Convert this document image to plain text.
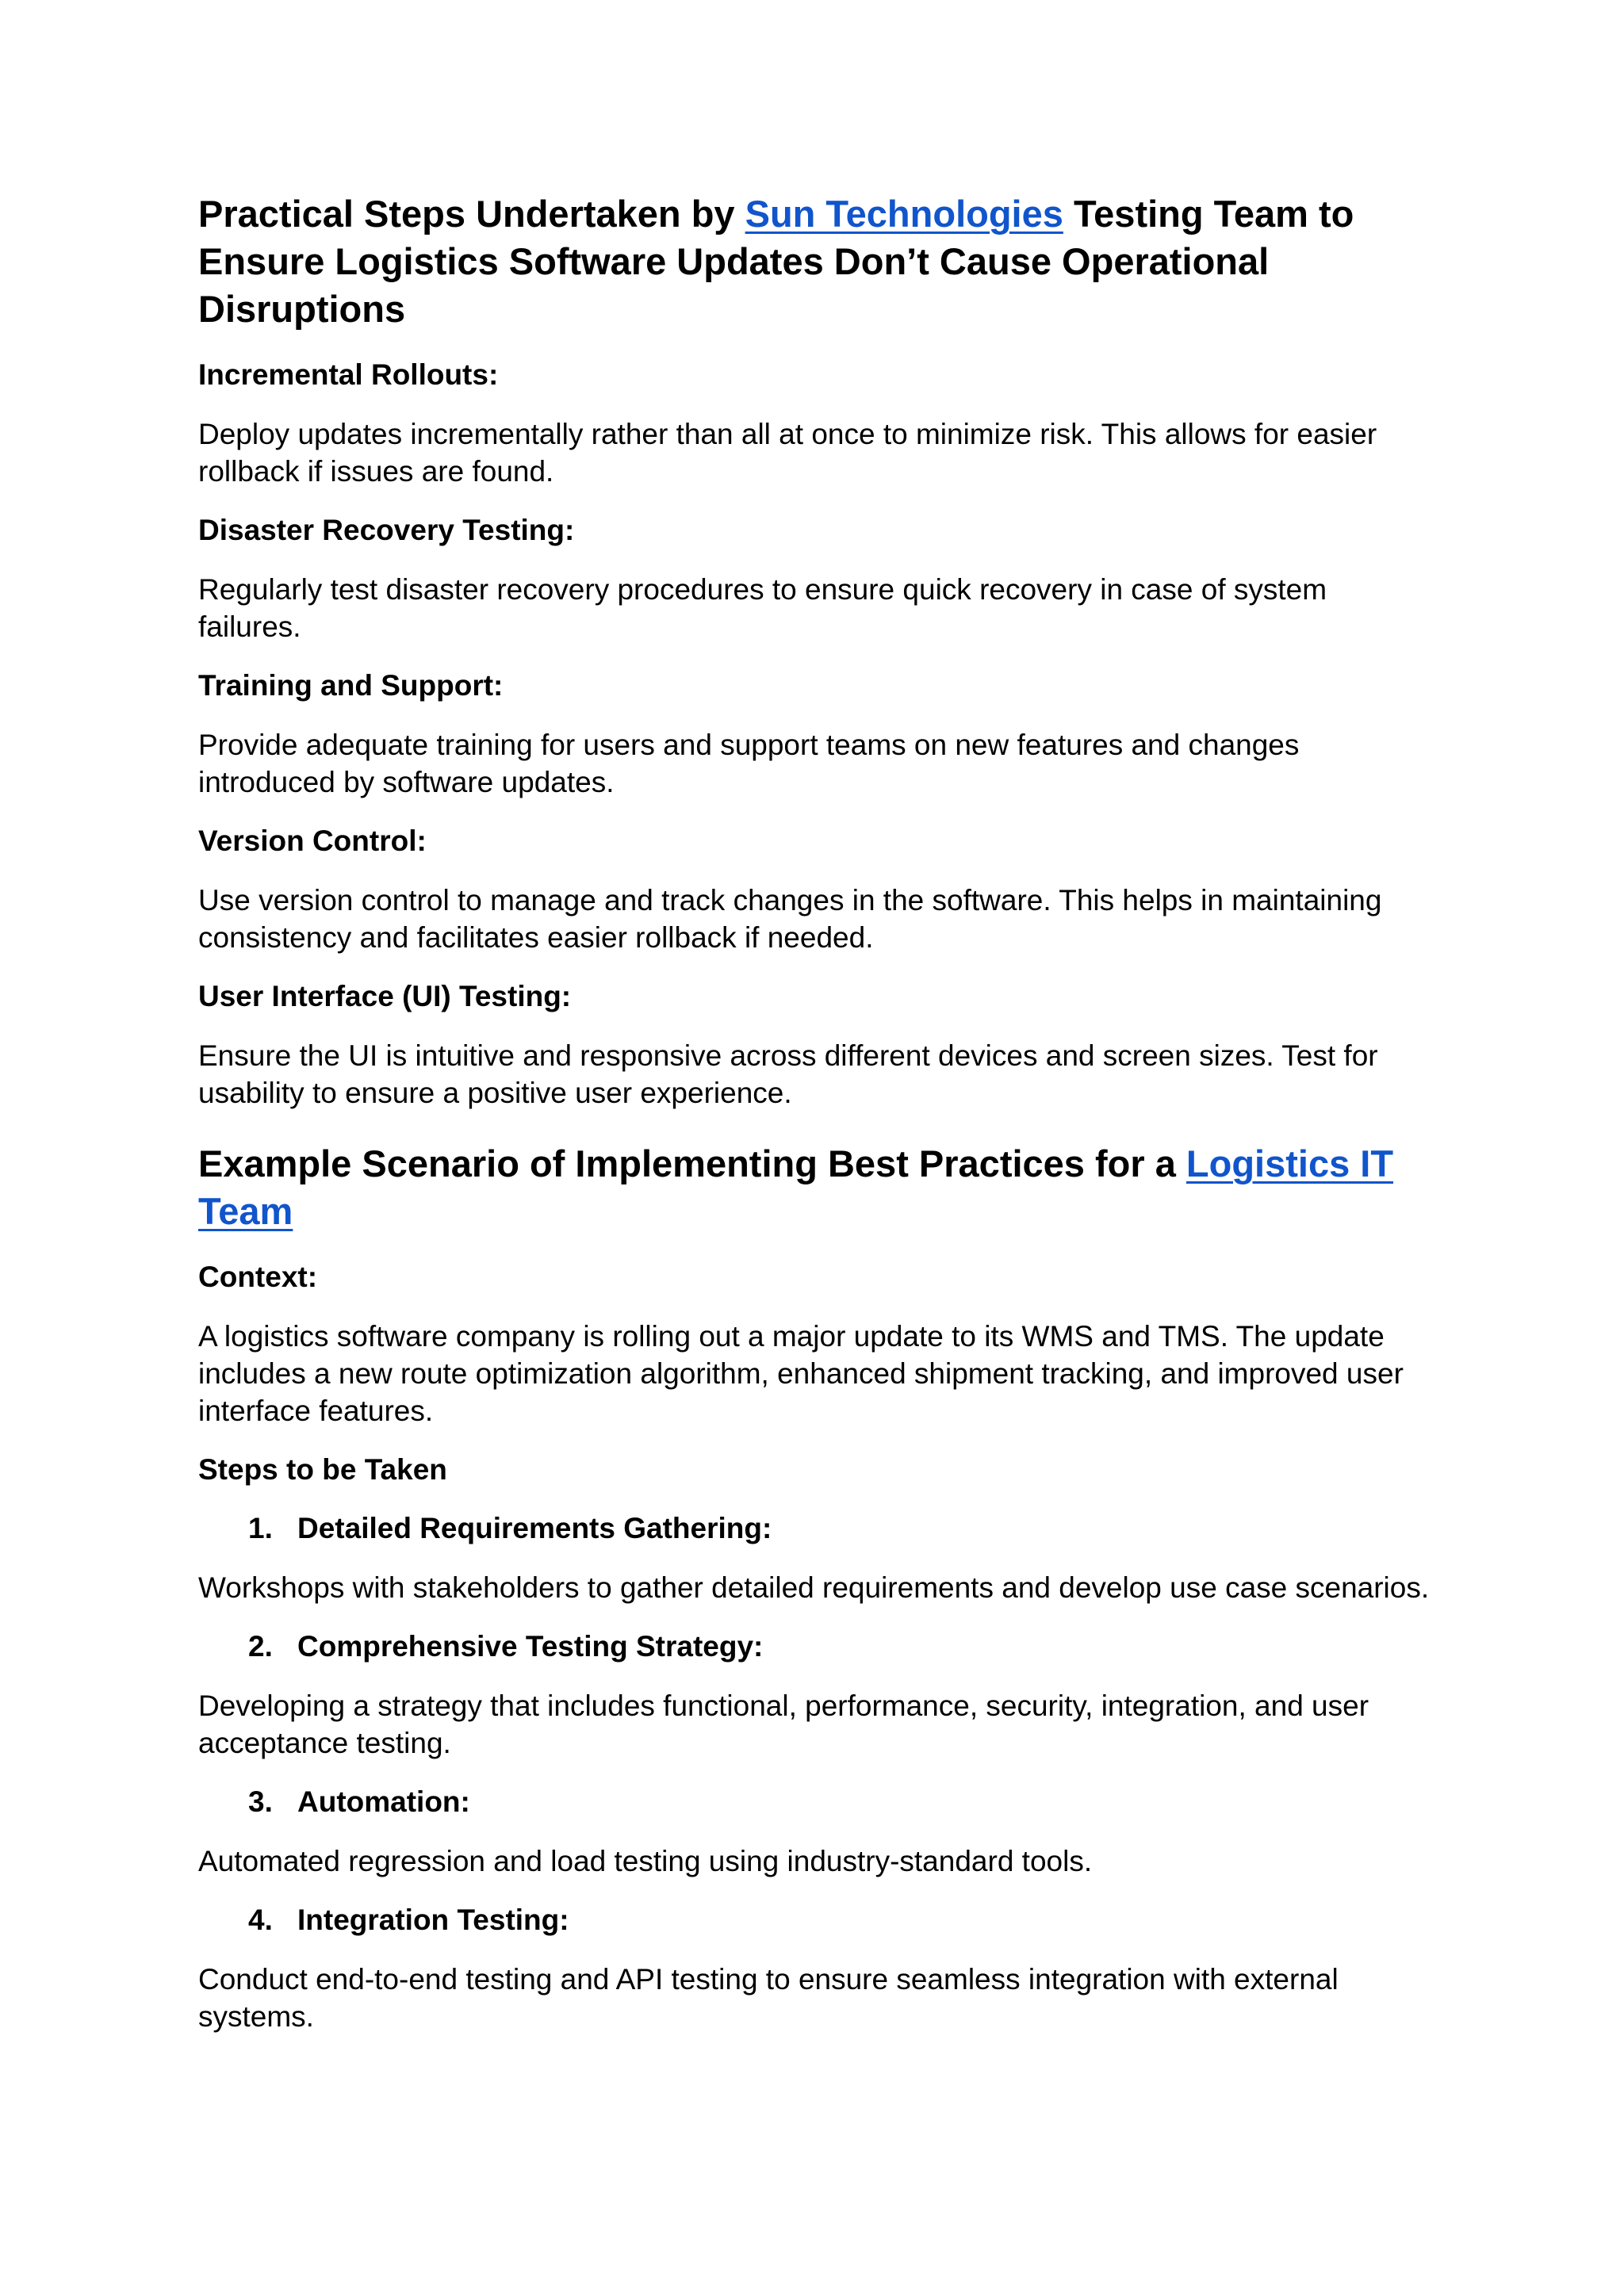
Practical Steps Undertaken by Sun Technologies Testing Team to Ensure Logistics Software Updates Don’t Cause Operational Disruptions
Incremental Rollouts:

Deploy updates incrementally rather than all at once to minimize risk. This allows for easier rollback if issues are found.

Disaster Recovery Testing:

Regularly test disaster recovery procedures to ensure quick recovery in case of system failures.

Training and Support:

Provide adequate training for users and support teams on new features and changes introduced by software updates.

Version Control:

Use version control to manage and track changes in the software. This helps in maintaining consistency and facilitates easier rollback if needed.

User Interface (UI) Testing:

Ensure the UI is intuitive and responsive across different devices and screen sizes. Test for usability to ensure a positive user experience.

Example Scenario of Implementing Best Practices for a Logistics IT Team
Context:

A logistics software company is rolling out a major update to its WMS and TMS. The update includes a new route optimization algorithm, enhanced shipment tracking, and improved user interface features.

Steps to be Taken
1. Detailed Requirements Gathering:

Workshops with stakeholders to gather detailed requirements and develop use case scenarios.

2. Comprehensive Testing Strategy:

Developing a strategy that includes functional, performance, security, integration, and user acceptance testing.

3. Automation:

Automated regression and load testing using industry-standard tools.

4. Integration Testing:

Conduct end-to-end testing and API testing to ensure seamless integration with external systems.
